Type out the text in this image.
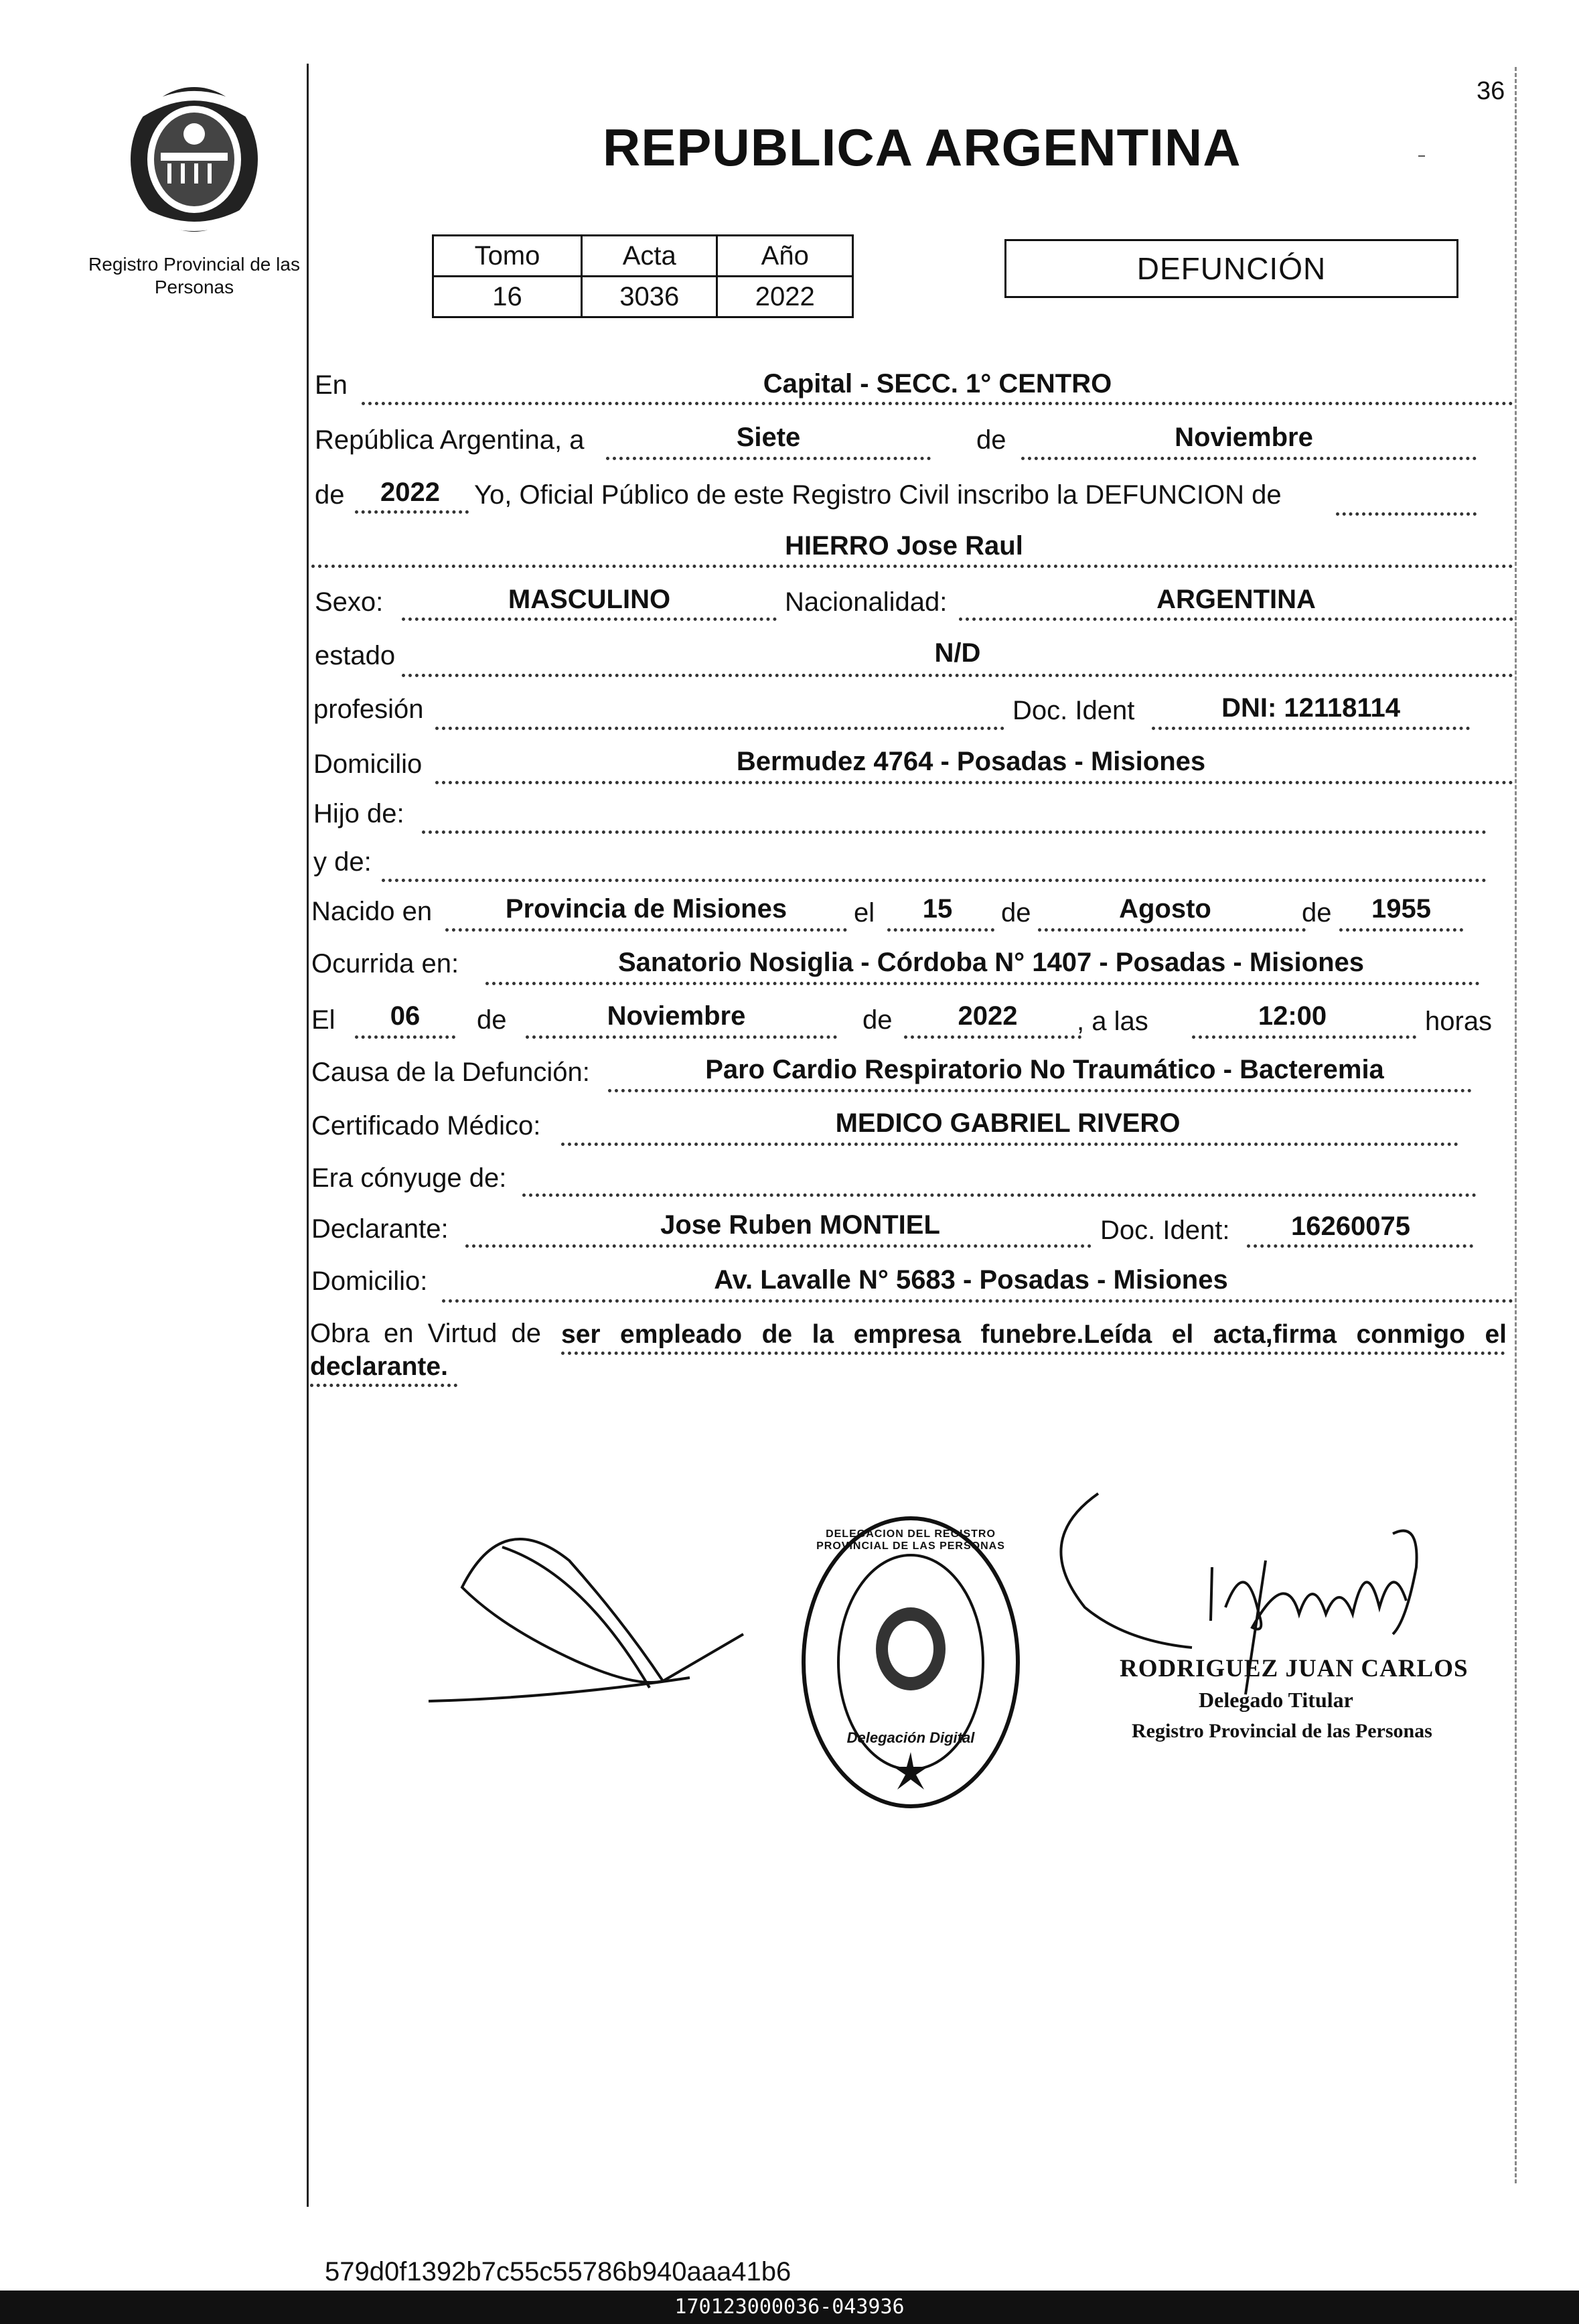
Registro Provincial de las Personas
36
REPUBLICA ARGENTINA
Tomo	Acta	Año
16	3036	2022
DEFUNCIÓN
En	Capital - SECC. 1° CENTRO
República Argentina, a	Siete	de	Noviembre
de	2022	Yo, Oficial Público de este Registro Civil inscribo la DEFUNCION de
HIERRO Jose Raul
Sexo:	MASCULINO	Nacionalidad:	ARGENTINA
estado	N/D
profesión	Doc. Ident	DNI: 12118114
Domicilio	Bermudez 4764 - Posadas - Misiones
Hijo de:
y de:
Nacido en	Provincia de Misiones	el	15	de	Agosto	de	1955
Ocurrida en:	Sanatorio Nosiglia - Córdoba N° 1407 - Posadas - Misiones
El	06	de	Noviembre	de	2022	, a las	12:00	horas
Causa de la Defunción:	Paro Cardio Respiratorio No Traumático - Bacteremia
Certificado Médico:	MEDICO GABRIEL RIVERO
Era cónyuge de:
Declarante:	Jose Ruben MONTIEL	Doc. Ident:	16260075
Domicilio:	Av. Lavalle N° 5683 - Posadas - Misiones
Obra en Virtud de ser empleado de la empresa funebre.Leída el acta,firma conmigo el
declarante.
DELEGACION DEL REGISTRO PROVINCIAL DE LAS PERSONAS
Delegación Digital
RODRIGUEZ JUAN CARLOS
Delegado Titular
Registro Provincial de las Personas
579d0f1392b7c55c55786b940aaa41b6
170123000036-043936
